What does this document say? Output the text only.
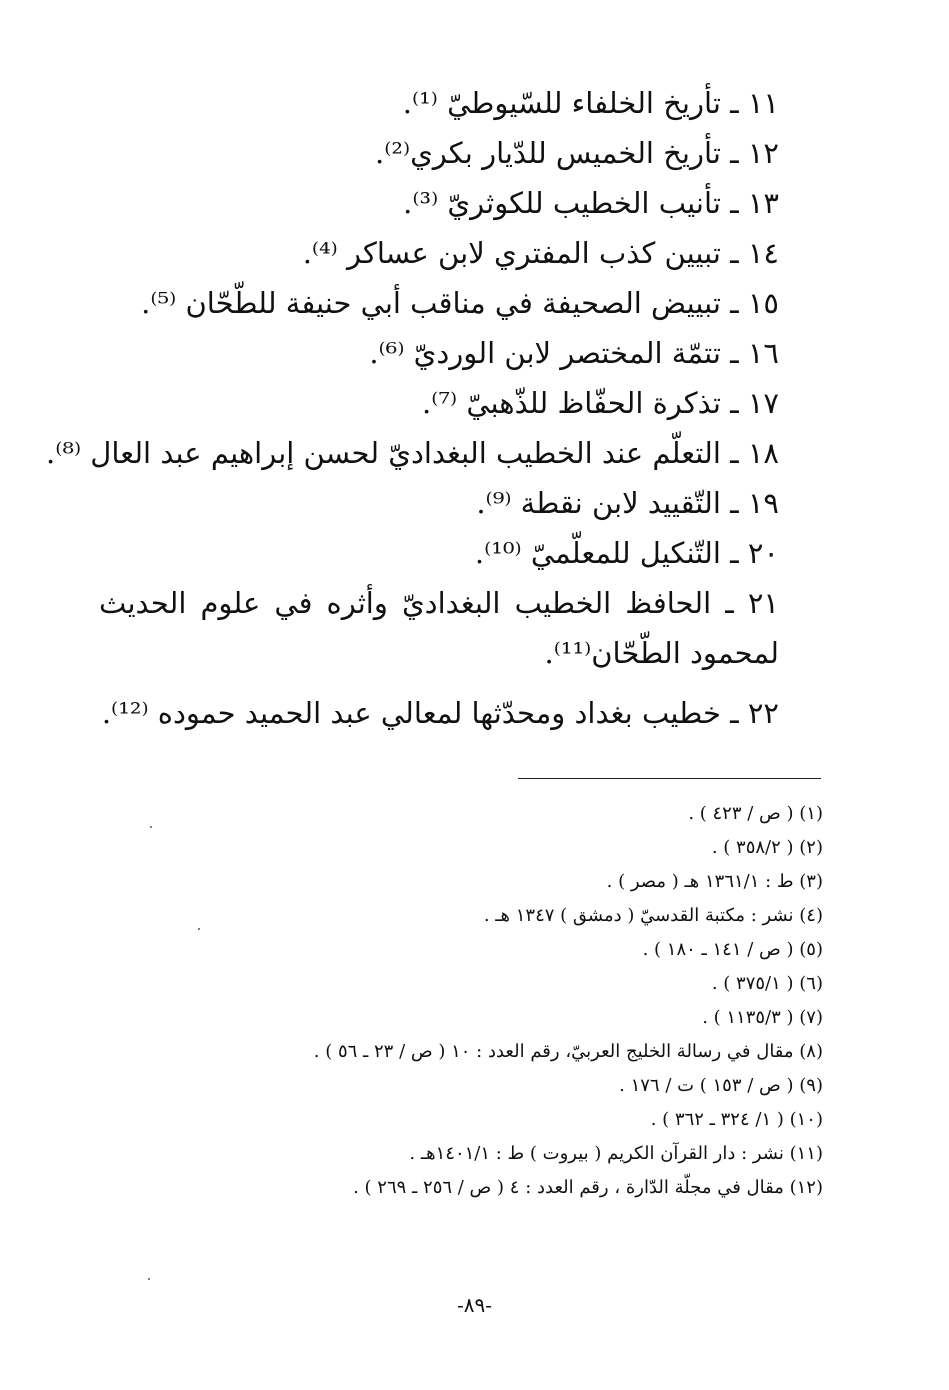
١١ ـ تأريخ الخلفاء للسّيوطيّ ⁽¹⁾.
١٢ ـ تأريخ الخميس للدّيار بكري⁽²⁾.
١٣ ـ تأنيب الخطيب للكوثريّ ⁽³⁾.
١٤ ـ تبيين كذب المفتري لابن عساكر ⁽⁴⁾.
١٥ ـ تبييض الصحيفة في مناقب أبي حنيفة للطّحّان ⁽⁵⁾.
١٦ ـ تتمّة المختصر لابن الورديّ ⁽⁶⁾.
١٧ ـ تذكرة الحفّاظ للذّهبيّ ⁽⁷⁾.
١٨ ـ التعلّم عند الخطيب البغداديّ لحسن إبراهيم عبد العال ⁽⁸⁾.
١٩ ـ التّقييد لابن نقطة ⁽⁹⁾.
٢٠ ـ التّنكيل للمعلّميّ ⁽¹⁰⁾.
٢١ ـ الحافظ الخطيب البغداديّ وأثره في علوم الحديث لمحمود الطّحّان⁽¹¹⁾.
٢٢ ـ خطيب بغداد ومحدّثها لمعالي عبد الحميد حموده ⁽¹²⁾.
(١) ( ص / ٤٢٣ ) .
(٢) ( ٣٥٨/٢ ) .
(٣) ط : ١٣٦١/١ هـ ( مصر ) .
(٤) نشر : مكتبة القدسيّ ( دمشق ) ١٣٤٧ هـ .
(٥) ( ص / ١٤١ ـ ١٨٠ ) .
(٦) ( ٣٧٥/١ ) .
(٧) ( ١١٣٥/٣ ) .
(٨) مقال في رسالة الخليج العربيّ، رقم العدد : ١٠ ( ص / ٢٣ ـ ٥٦ ) .
(٩) ( ص / ١٥٣ ) ت / ١٧٦ .
(١٠) ( ١/ ٣٢٤ ـ ٣٦٢ ) .
(١١) نشر : دار القرآن الكريم ( بيروت ) ط : ١٤٠١/١هـ .
(١٢) مقال في مجلّة الدّارة ، رقم العدد : ٤ ( ص / ٢٥٦ ـ ٢٦٩ ) .
-٨٩-
